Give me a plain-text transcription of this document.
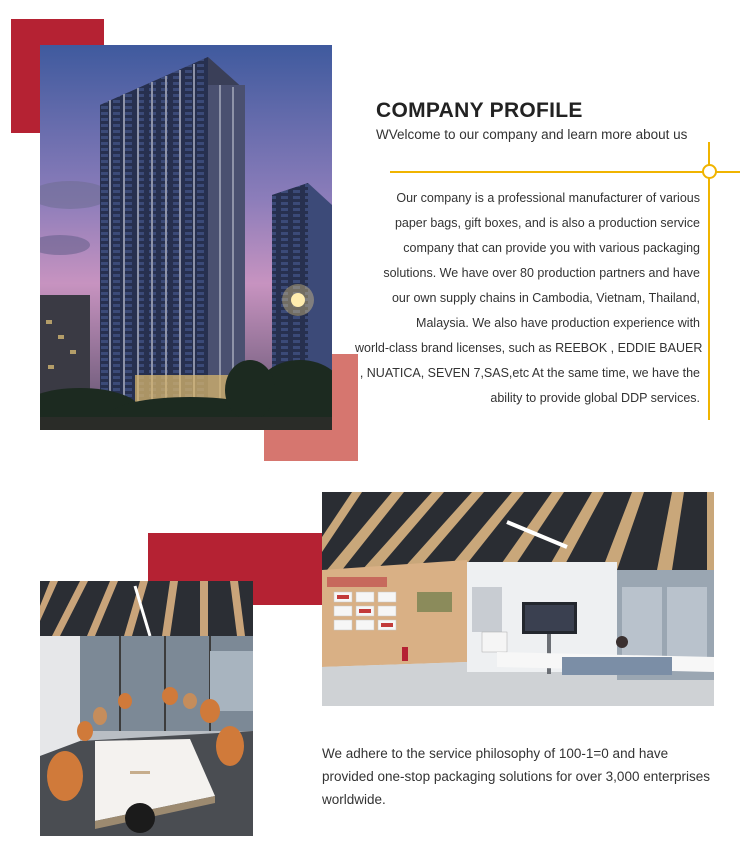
COMPANY PROFILE

WVelcome to our company and learn more about us

Our company is a professional manufacturer of various
paper bags, gift boxes, and is also a production service
company that can provide you with various packaging
solutions. We have over 80 production partners and have
our own supply chains in Cambodia, Vietnam, Thailand,
Malaysia. We also have production experience with
world-class brand licenses, such as REEBOK , EDDIE BAUER
, NUATICA, SEVEN 7,SAS,etc At the same time, we have the
ability to provide global DDP services.
We adhere to the service philosophy of 100-1=0 and have
provided one-stop packaging solutions for over 3,000 enterprises
worldwide.
